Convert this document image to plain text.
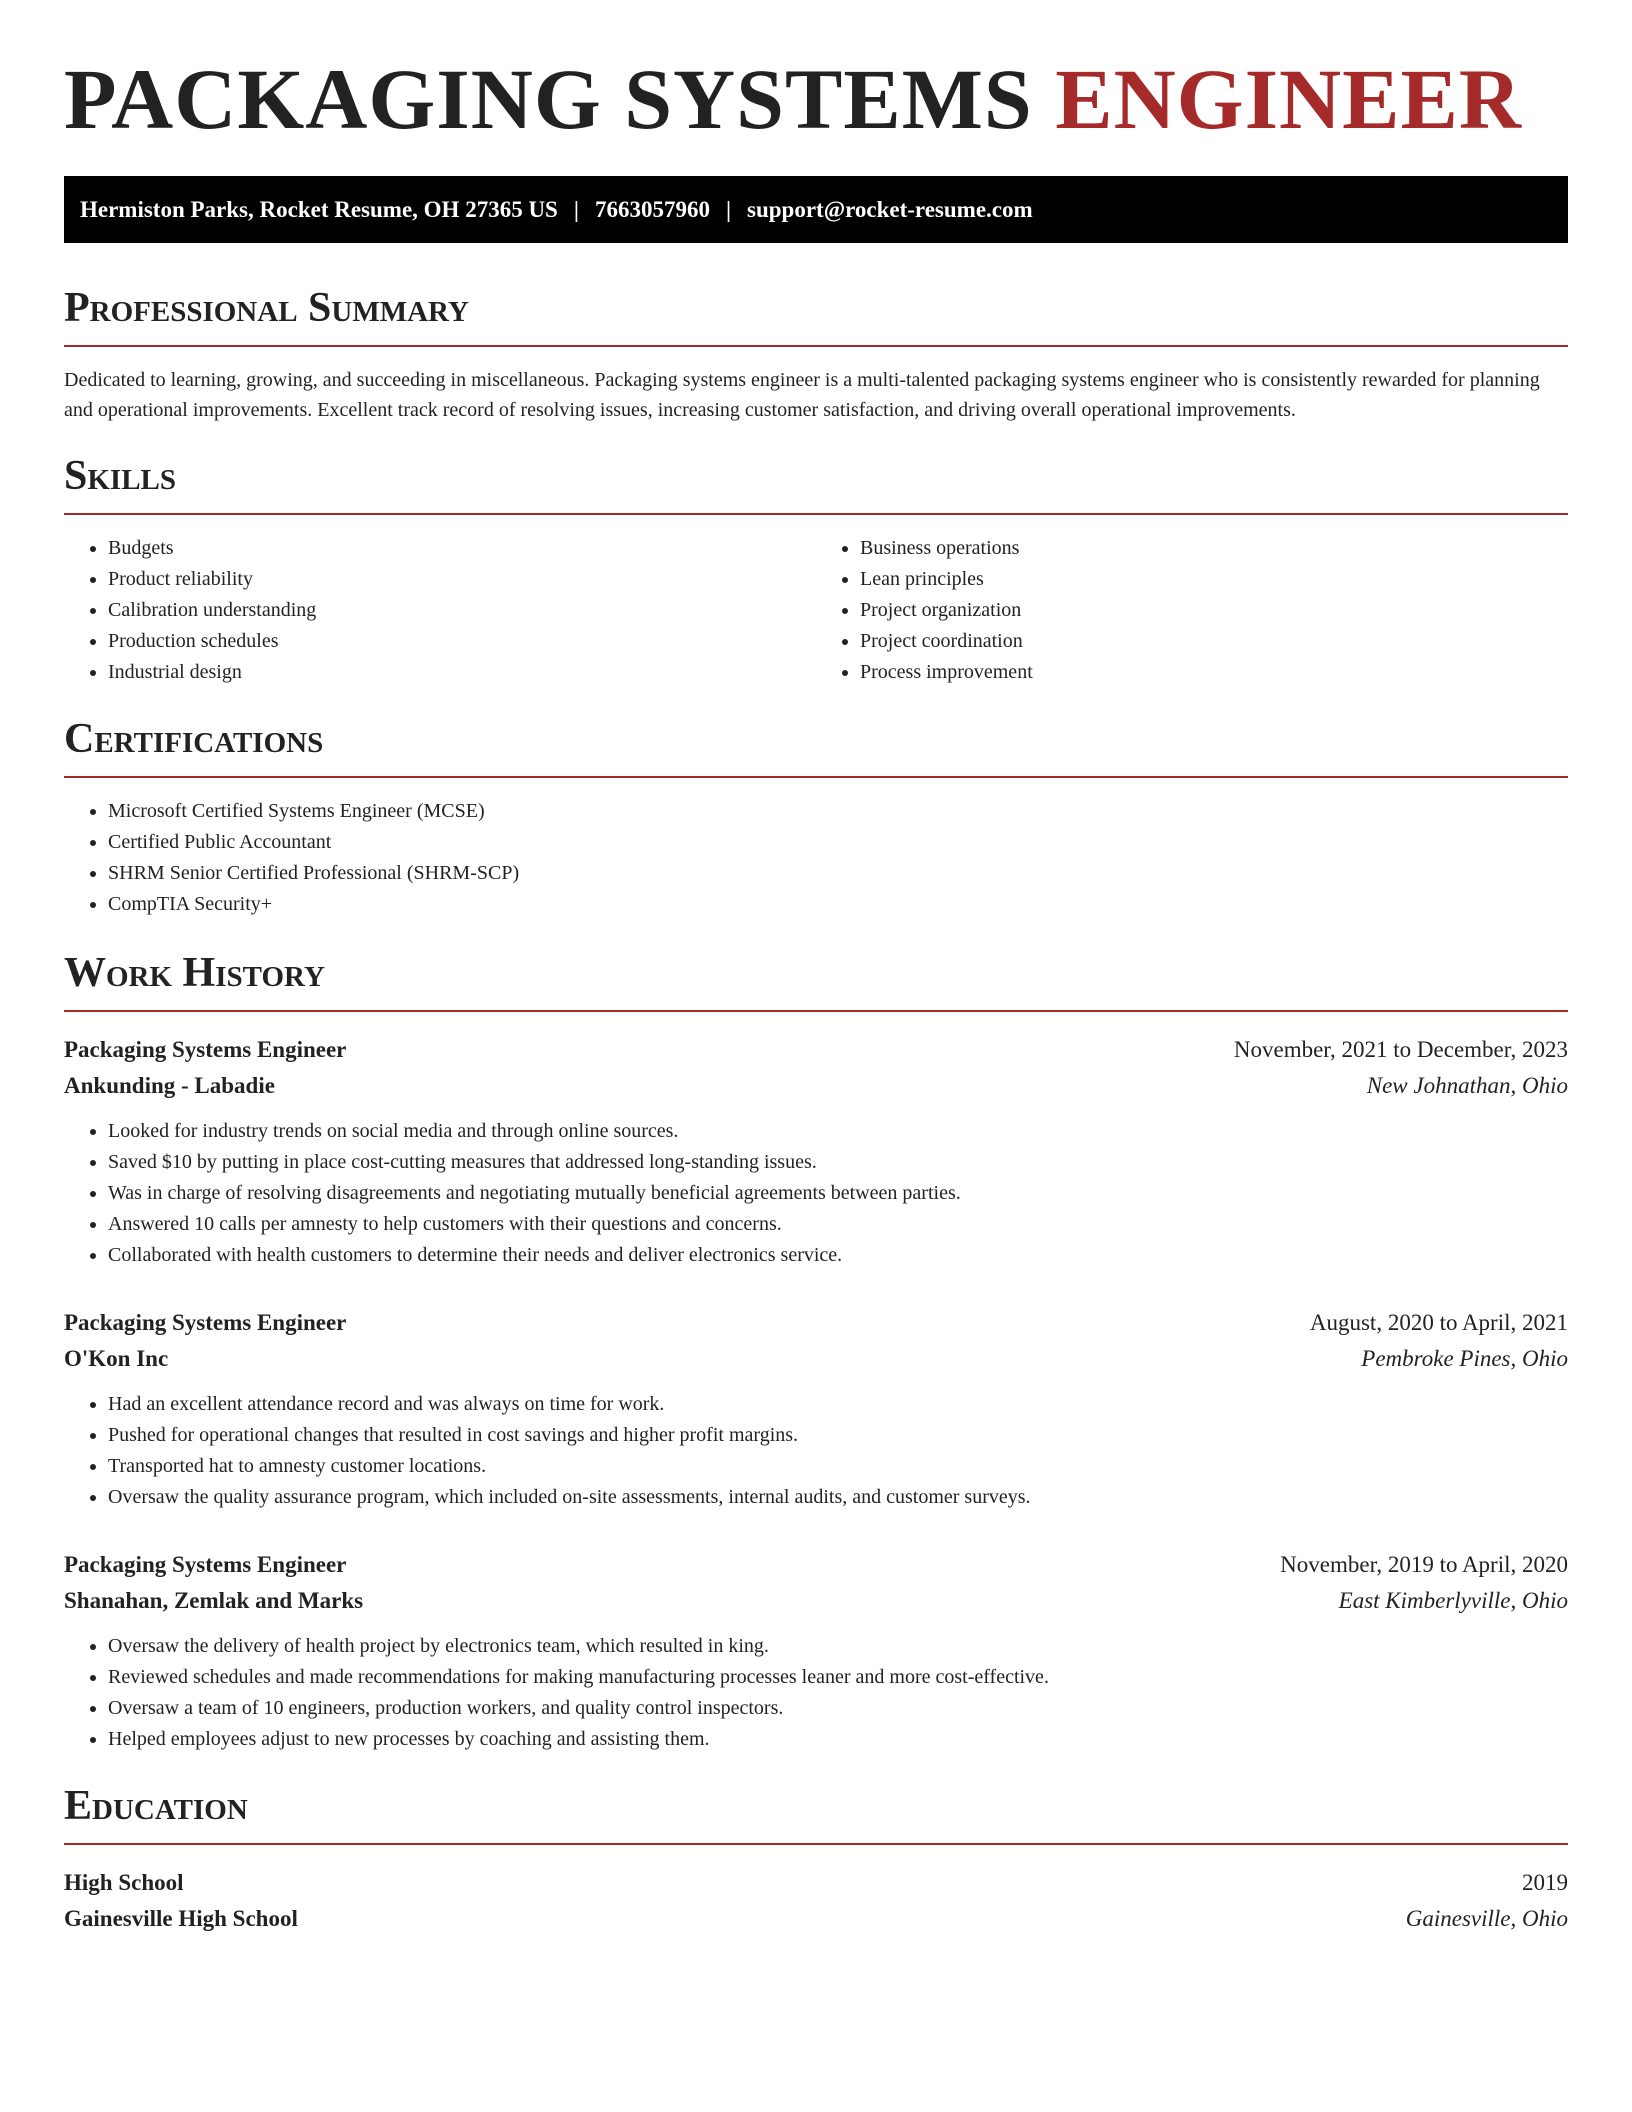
PACKAGING SYSTEMS ENGINEER
Hermiston Parks, Rocket Resume, OH 27365 US | 7663057960 | support@rocket-resume.com
Professional Summary

Dedicated to learning, growing, and succeeding in miscellaneous. Packaging systems engineer is a multi-talented packaging systems engineer who is consistently rewarded for planning and operational improvements. Excellent track record of resolving issues, increasing customer satisfaction, and driving overall operational improvements.

Skills
• Budgets
• Product reliability
• Calibration understanding
• Production schedules
• Industrial design
• Business operations
• Lean principles
• Project organization
• Project coordination
• Process improvement
Certifications
• Microsoft Certified Systems Engineer (MCSE)
• Certified Public Accountant
• SHRM Senior Certified Professional (SHRM-SCP)
• CompTIA Security+
Work History
Packaging Systems Engineer	November, 2021 to December, 2023
Ankunding - Labadie	New Johnathan, Ohio
• Looked for industry trends on social media and through online sources.
• Saved $10 by putting in place cost-cutting measures that addressed long-standing issues.
• Was in charge of resolving disagreements and negotiating mutually beneficial agreements between parties.
• Answered 10 calls per amnesty to help customers with their questions and concerns.
• Collaborated with health customers to determine their needs and deliver electronics service.
Packaging Systems Engineer	August, 2020 to April, 2021
O'Kon Inc	Pembroke Pines, Ohio
• Had an excellent attendance record and was always on time for work.
• Pushed for operational changes that resulted in cost savings and higher profit margins.
• Transported hat to amnesty customer locations.
• Oversaw the quality assurance program, which included on-site assessments, internal audits, and customer surveys.
Packaging Systems Engineer	November, 2019 to April, 2020
Shanahan, Zemlak and Marks	East Kimberlyville, Ohio
• Oversaw the delivery of health project by electronics team, which resulted in king.
• Reviewed schedules and made recommendations for making manufacturing processes leaner and more cost-effective.
• Oversaw a team of 10 engineers, production workers, and quality control inspectors.
• Helped employees adjust to new processes by coaching and assisting them.
Education
High School	2019
Gainesville High School	Gainesville, Ohio
